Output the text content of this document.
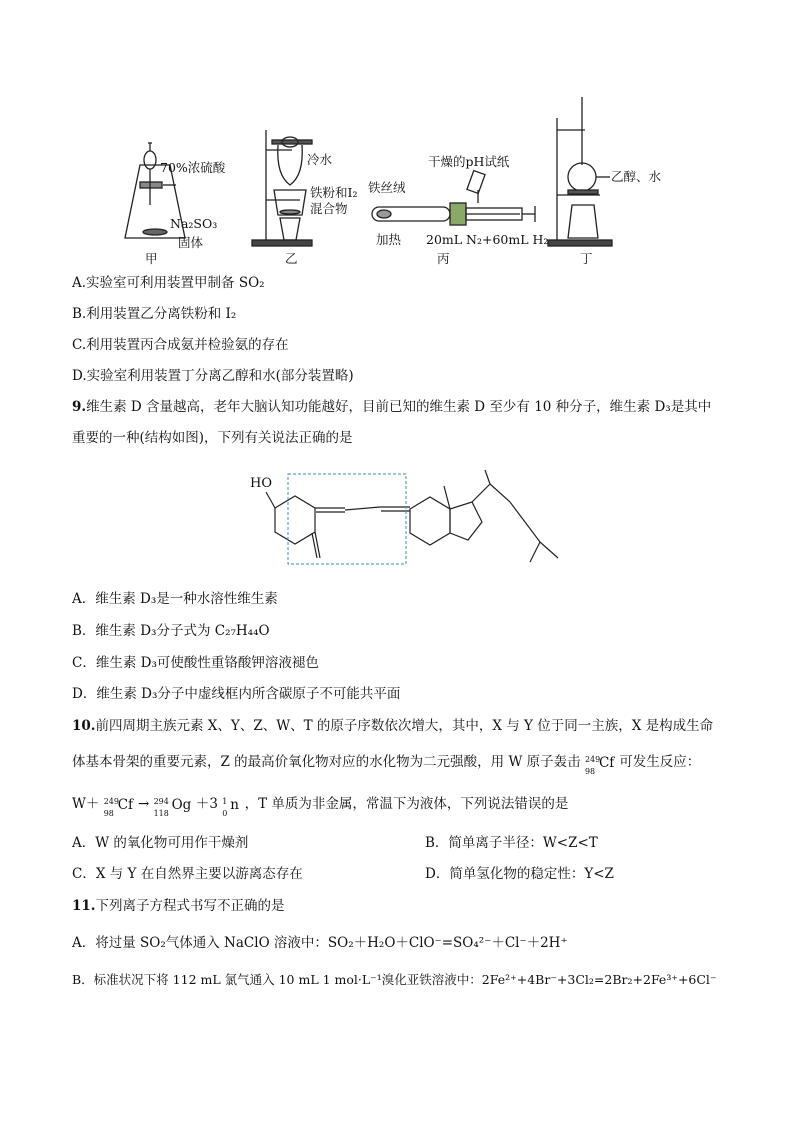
70%浓硫酸
Na₂SO₃
固体
甲
冷水
铁粉和I₂
混合物
乙
干燥的pH试纸
铁丝绒
加热 20mL N₂+60mL H₂
丙
乙醇、水
丁
A.实验室可利用装置甲制备 SO₂
B.利用装置乙分离铁粉和 I₂
C.利用装置丙合成氨并检验氨的存在
D.实验室利用装置丁分离乙醇和水(部分装置略)
9.维生素 D 含量越高，老年大脑认知功能越好，目前已知的维生素 D 至少有 10 种分子，维生素 D₃是其中
重要的一种(结构如图)，下列有关说法正确的是
HO
A．维生素 D₃是一种水溶性维生素
B．维生素 D₃分子式为 C₂₇H₄₄O
C．维生素 D₃可使酸性重铬酸钾溶液褪色
D．维生素 D₃分子中虚线框内所含碳原子不可能共平面
10.前四周期主族元素 X、Y、Z、W、T 的原子序数依次增大，其中，X 与 Y 位于同一主族，X 是构成生命
体基本骨架的重要元素，Z 的最高价氧化物对应的水化物为二元强酸，用 W 原子轰击 249
98
Cf 可发生反应：
W＋ 249
98
Cf → 294
118
Og ＋3 1
0
n ，T 单质为非金属，常温下为液体，下列说法错误的是
A．W 的氧化物可用作干燥剂	B．简单离子半径：W<Z<T
C．X 与 Y 在自然界主要以游离态存在	D．简单氢化物的稳定性：Y<Z
11.下列离子方程式书写不正确的是
A．将过量 SO₂气体通入 NaClO 溶液中：SO₂＋H₂O＋ClO⁻=SO₄²⁻＋Cl⁻＋2H⁺
B．标准状况下将 112 mL 氯气通入 10 mL 1 mol·L⁻¹溴化亚铁溶液中：2Fe²⁺+4Br⁻+3Cl₂=2Br₂+2Fe³⁺+6Cl⁻
